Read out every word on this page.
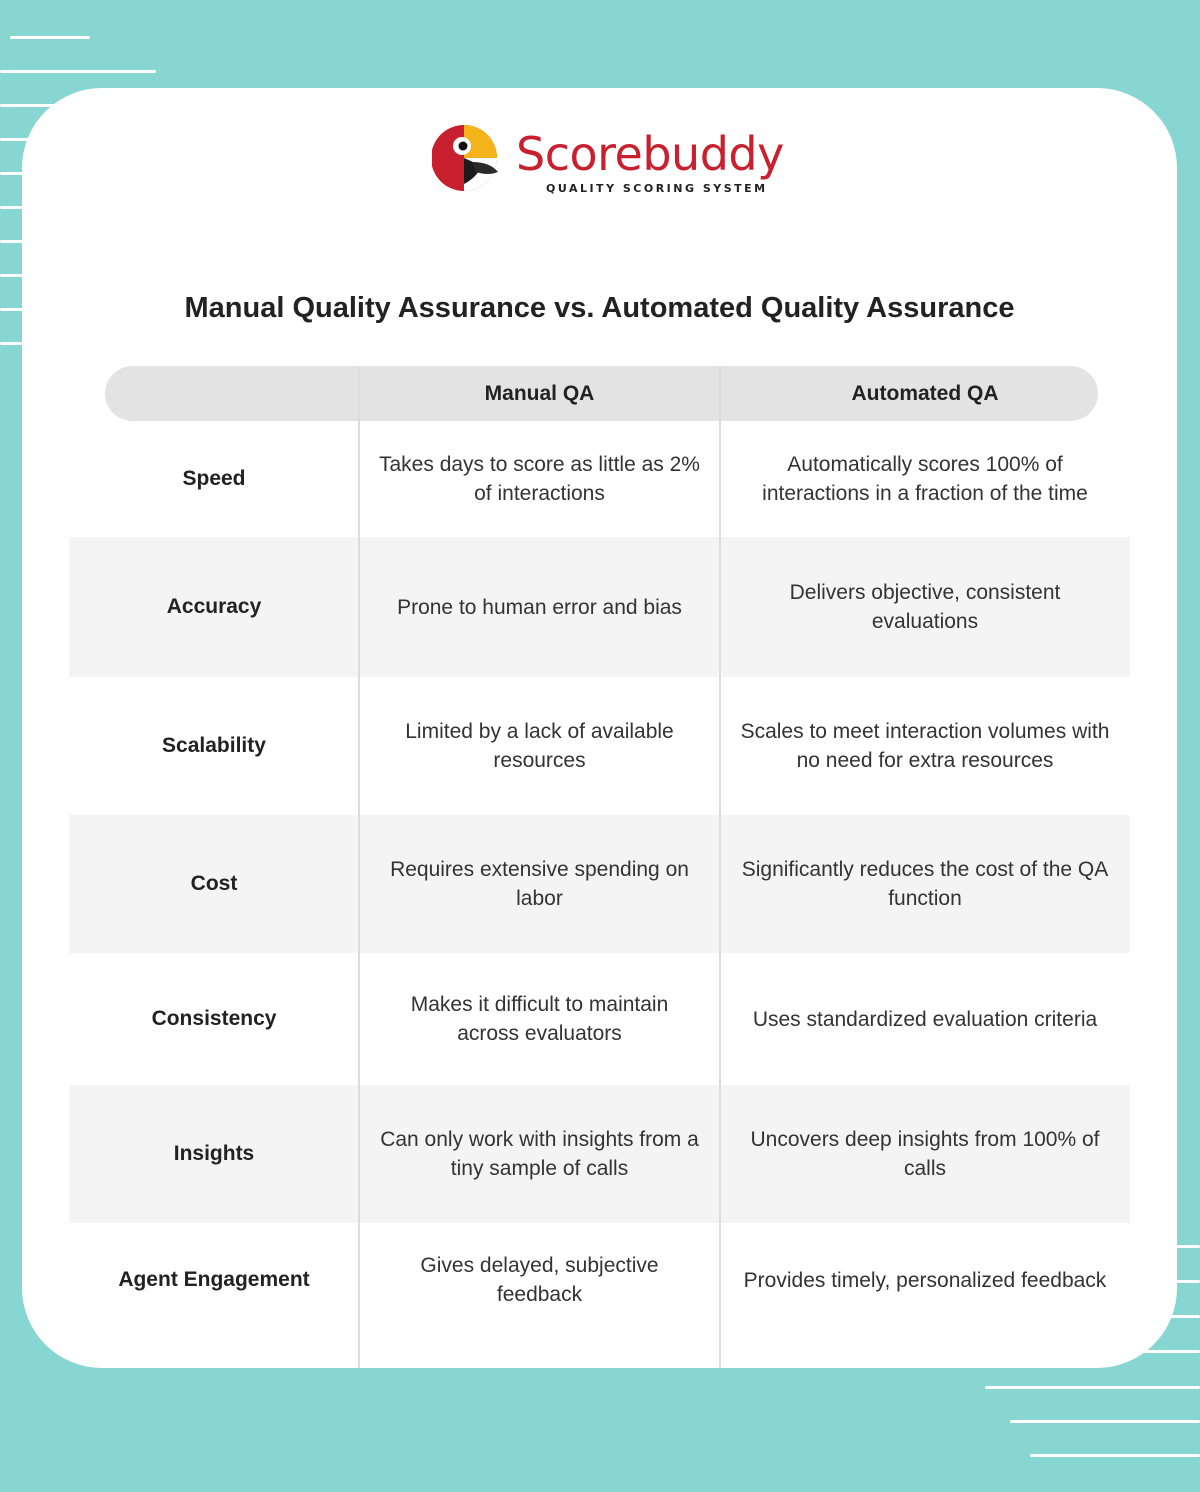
Scorebuddy
QUALITY SCORING SYSTEM
Manual Quality Assurance vs. Automated Quality Assurance
Manual QA	Automated QA
Speed
Takes days to score as little as 2% of interactions
Automatically scores 100% of interactions in a fraction of the time
Accuracy	Prone to human error and bias
Delivers objective, consistent evaluations
Scalability
Limited by a lack of available resources
Scales to meet interaction volumes with no need for extra resources
Cost
Requires extensive spending on labor
Significantly reduces the cost of the QA function
Consistency
Makes it difficult to maintain across evaluators
Uses standardized evaluation criteria
Insights
Can only work with insights from a tiny sample of calls
Uncovers deep insights from 100% of calls
Agent Engagement
Gives delayed, subjective feedback
Provides timely, personalized feedback
